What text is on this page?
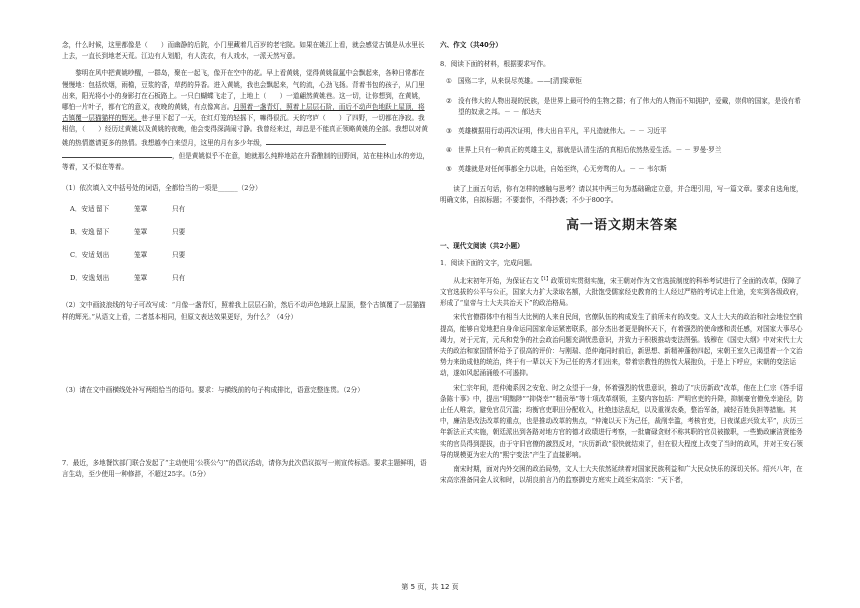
念，什么时候，这里都像是（　　）而幽静的后院，小门里藏着几百岁的老宅院。如果在姚江上看，就会感觉古镇是从水里长上去，一直长到地老天荒。江边有人划船，有人洗衣，有人戏水，一派天然写意。

黎明在风中把黄姚吵醒，一群岛，聚在一起飞，像开在空中的花。早上看黄姚，觉得黄姚氤氲中会飘起来，各种日常都在慢慢地：包括炊烟，雨檐，豆浆的香，草药的异香。进入黄姚，我也会飘起来，气的流，心劲飞扬。背着书包的孩子，从门里出来，阳光将小小的身影打在石板路上。一只白蝴蝶飞走了，上地上（　　）一道翩然黄姚巷。这一切，让你想到，在黄姚，哪怕一片叶子，都有它的意义，夜晚的黄姚，有点像寓言。月照着一盏青灯，照着上层层石阶，而后不动声色地跃上屋顶，将古镇覆一层猫猫样的辉光。巷子里下起了一天，在红灯笼的轻摇下，嘛得很沉。天的穹庐（　　）了四野，一切都在净寂。我相信，（　　）经历过黄姚以及黄姚的夜晚，他会变得深满闹寸静。我曾经来过，却总是不能真正领略黄姚的全部。我想以对黄姚的热情邀请更多的热情。我想越李白来望月，这里的月有多少年级，
，但是黄姚似乎不在意，她就那么纯粹地站在升香酿制的田野间，站在桂林山水的旁边，等着，又不似在等着。

（1）依次填入文中括号处的词语，全都恰当的一项是______（2分）

A．安适 留下	笼罩	只有
B．安逸 留下	笼罩	只要
C．安适 划出	笼罩	只要
D．安逸 划出	笼罩	只有

（2）文中画波浪线的句子可改写成：“月像一盏青灯，照着我上层层石阶，然后不动声色地跃上屋顶，整个古镇覆了一层猫猫样的辉光。”从语文上看，二者基本相同，但原文表达效果更好，为什么？（4分）

（3）请在文中画横线处补写两组恰当的语句。要求：与横线前的句子构成排比，语意完整连贯。（2分）

7．最近，多地餐饮部门联合发起了“主动使用‘公筷公勺’”的倡议活动，请你为此次倡议拟写一则宣传标语。要求主题鲜明，语言生动，至少使用一种修辞，不超过25字。（5分）

六、作文（共40分）

8．阅读下面的材料，根据要求写作。

① 国殇二字，从来误尽英雄。——[清]梁章钜
② 没有伟大的人物出现的民族，是世界上最可怜的生物之群；有了伟大的人物而不知拥护，爱戴，崇仰的国家，是没有希望的奴隶之邦。－ － 郁达夫
③ 英雄横据用行动再次证明，伟大出自平凡，平凡造就伟大。－ － 习近平
④ 世界上只有一种真正的英雄主义，那就是认清生活的真相后依然热爱生活。－ － 罗曼·罗兰
⑤ 英雄就是对任何事都全力以赴，自始至终，心无旁骛的人。－ － 韦尔斯

读了上面五句话，你有怎样的感触与思考？请以其中两三句为基础确定立意，并合理引用，写一篇文章。要求自选角度，明确文体，自拟标题；不要套作，不得抄袭；不少于800字。

高一语文期末答案

一、现代文阅读（共2小题）

1．阅读下面的文字，完成问题。

从北宋初年开始，为保证右文$^{【1】}$政策切实贯彻实施，宋王朝对作为文官选拔制度的科举考试进行了全面的改革，保障了文官选拔的公平与公正，国家大力扩大录取名额，大批饱受儒家经史教育的士人经过严格的考试走上仕途，充实到各级政府，形成了“皇帝与士大夫共治天下”的政治格局。

宋代官僚群体中有相当大比例的人来自民间，官僚队伍的构成发生了前所未有的改变。文人士大夫的政治和社会地位空前提高，能够自觉地把自身命运同国家命运紧密联系，部分杰出者更是胸怀天下，有着强烈的使命感和责任感，对国家大事尽心竭力，对于元宵，元兵和党争的社会政治问题充满忧患意识，并致力于积极推动变法图强。钱穆在《国史大纲》中对宋代士大夫的政治和家国情怀给予了很高的评价：与刚瑞、范仲淹同时前后，新思想、新精神蓬勃四起，宋朝王室久已渴望着一个文治势力来助成他的统治，终于有一辈以天下为己任的秀才们出来，带着宗教性的热忱大展抱负，于是上下呼应，宋朝的变法运动，遂如风起涌涌般不可遏抑。

宋仁宗年间，范仲淹系因之安危、时之众望于一身，怀着强烈的忧患意识，推动了“庆历新政”改革，他在上仁宗《答手诏条陈十事》中，提出“明黜陟”“抑侥幸”“精贡举”等十项改革纲领，主要内容包括：严明官吏的升降，抑制豪官僚免幸途径，防止任人唯亲，避免官员冗滥；均衡官吏职田分配收入，杜绝违法乱纪，以及重视农桑，整治军备，减轻百姓负担等措施。其中，廉洁是改法改革的重点，也是推动改革的焦点，“仲淹以天下为己任，裁削幸滥，考核官吏，日夜谋虑兴致太平”，庆历三年新法正式实施，朝廷派出到各路对地方官的德才政绩进行考察，一批庸碌贪财不称其职的官员被撤职，一些勤政廉洁贤能务实的官员得到提拔，由于守旧官僚的激烈反对，“庆历新政”很快就结束了，但在很大程度上改变了当时的政风，并对王安石领导的规模更为宏大的“熙宁变法”产生了直接影响。

南宋时期，面对内外交困的政治局势，文人士大夫依然延续着对国家民族利益和广大民众快乐的深切关怀。绍兴八年，在宋高宗准备同金人议和时，以胡良前言乃的监察御史方庭实上疏至宋高宗：“天下者，

第 5 页，共 12 页
